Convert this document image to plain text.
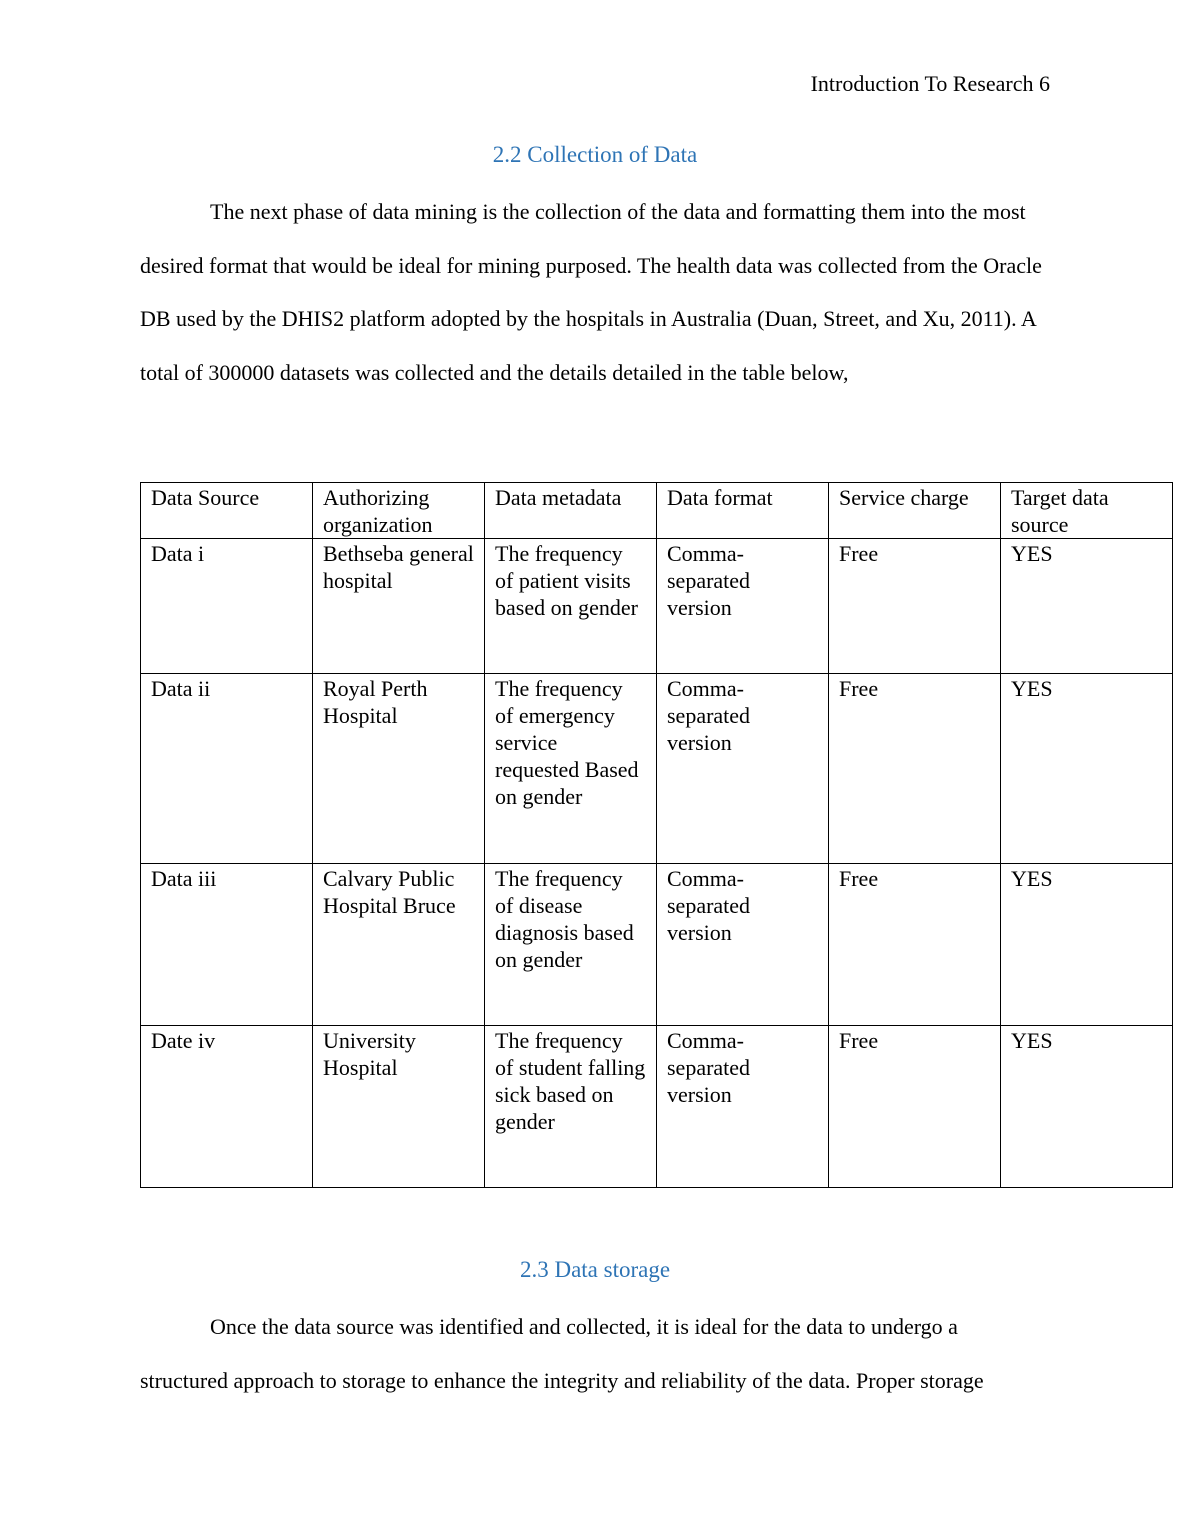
Introduction To Research 6
2.2 Collection of Data

The next phase of data mining is the collection of the data and formatting them into the most desired format that would be ideal for mining purposed. The health data was collected from the Oracle DB used by the DHIS2 platform adopted by the hospitals in Australia (Duan, Street, and Xu, 2011). A total of 300000 datasets was collected and the details detailed in the table below,

Data Source	Authorizing organization	Data metadata	Data format	Service charge	Target data source
Data i	Bethseba general hospital	The frequency of patient visits based on gender	Comma-separated version	Free	YES
Data ii	Royal Perth Hospital	The frequency of emergency service requested Based on gender	Comma-separated version	Free	YES
Data iii	Calvary Public Hospital Bruce	The frequency of disease diagnosis based on gender	Comma-separated version	Free	YES
Date iv	University Hospital	The frequency of student falling sick based on gender	Comma-separated version	Free	YES
2.3 Data storage

Once the data source was identified and collected, it is ideal for the data to undergo a structured approach to storage to enhance the integrity and reliability of the data. Proper storage
